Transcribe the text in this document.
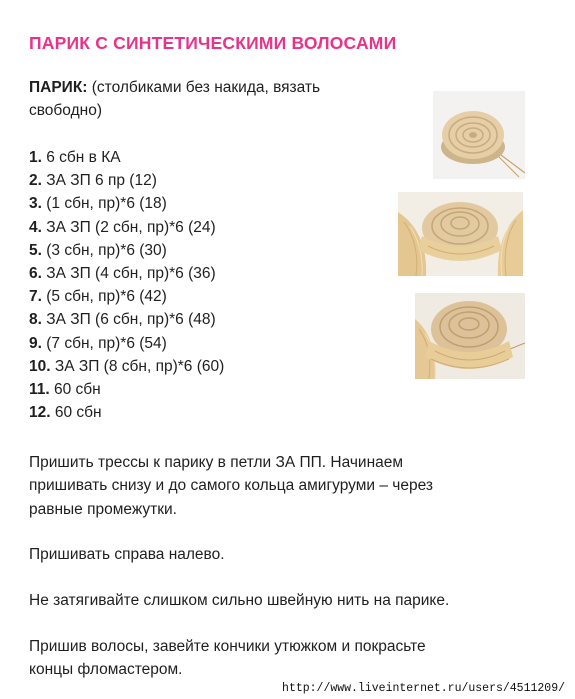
ПАРИК С СИНТЕТИЧЕСКИМИ ВОЛОСАМИ
ПАРИК: (столбиками без накида, вязать
свободно)
1. 6 сбн в КА
2. ЗА ЗП 6 пр (12)
3. (1 сбн, пр)*6 (18)
4. ЗА ЗП (2 сбн, пр)*6 (24)
5. (3 сбн, пр)*6 (30)
6. ЗА ЗП (4 сбн, пр)*6 (36)
7. (5 сбн, пр)*6 (42)
8. ЗА ЗП (6 сбн, пр)*6 (48)
9. (7 сбн, пр)*6 (54)
10. ЗА ЗП (8 сбн, пр)*6 (60)
11. 60 сбн
12. 60 сбн
Пришить трессы к парику в петли ЗА ПП. Начинаем
пришивать снизу и до самого кольца амигуруми – через
равные промежутки.
Пришивать справа налево.
Не затягивайте слишком сильно швейную нить на парике.
Пришив волосы, завейте кончики утюжком и покрасьте
концы фломастером.
http://www.liveinternet.ru/users/4511209/
